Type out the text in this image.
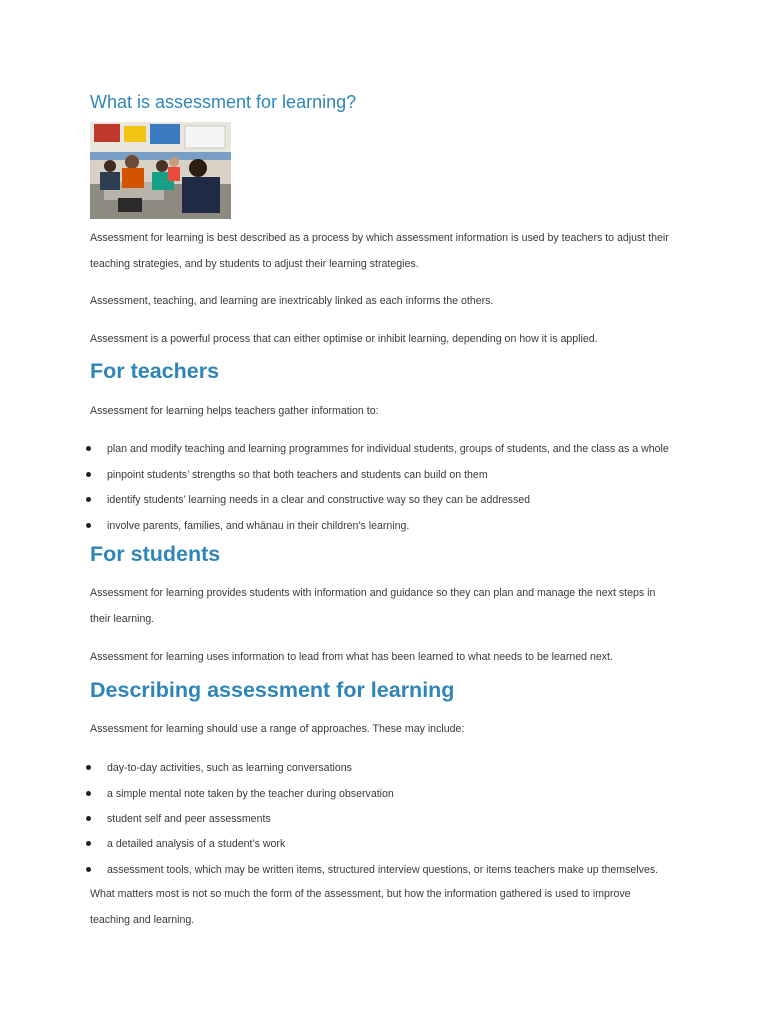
What is assessment for learning?

Assessment for learning is best described as a process by which assessment information is used by teachers to adjust their teaching strategies, and by students to adjust their learning strategies.

Assessment, teaching, and learning are inextricably linked as each informs the others.

Assessment is a powerful process that can either optimise or inhibit learning, depending on how it is applied.

For teachers

Assessment for learning helps teachers gather information to:

plan and modify teaching and learning programmes for individual students, groups of students, and the class as a whole

pinpoint students’ strengths so that both teachers and students can build on them

identify students’ learning needs in a clear and constructive way so they can be addressed

involve parents, families, and whānau in their children's learning.

For students

Assessment for learning provides students with information and guidance so they can plan and manage the next steps in their learning.

Assessment for learning uses information to lead from what has been learned to what needs to be learned next.

Describing assessment for learning

Assessment for learning should use a range of approaches. These may include:

day-to-day activities, such as learning conversations

a simple mental note taken by the teacher during observation

student self and peer assessments

a detailed analysis of a student’s work

assessment tools, which may be written items, structured interview questions, or items teachers make up themselves.

What matters most is not so much the form of the assessment, but how the information gathered is used to improve teaching and learning.
